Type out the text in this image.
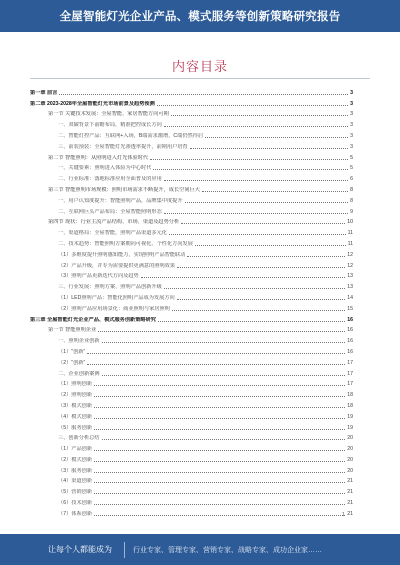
全屋智能灯光企业产品、模式服务等创新策略研究报告
内容目录
第一章 前言	3
第二章 2023-2028年全屋智能灯光市场前景及趋势预测	3
第一节 关键技术发展：全屋智能、家居智能方向可期	3
一、双碳背景下前瞻布局，精准把控成长方向	3
二、智能灯控产品：互联网+入场，B端需求激增，C端仍然待启	3
三、前装预装：全屋智能灯光渗透率提升，前期用户培育	3
第二节 智能照明：从照明进入灯光体验时代	5
一、关键要素：照明进入体验为中心时代	5
二、行业标准：落地标准应用全面普及的应用	6
第三节 智能照明市场规模：照明市场需求不断提升，成长空间巨大	8
一、用户认知度提升：智能照明产品，品牌集中度提升	8
二、互联网巨头产品布局：全屋智能照明形态	9
第四节 现状：行业主流产品结构、市场、渠道及趋势分析	10
一、渠道格局：全屋智能，照明产品渠道多元化	11
二、技术趋势：智能照明方案朝向可视化、个性化方向发展	11
（1）多维度提升照明感知能力，实现照明产品智能联动	12
（2）产品升级，并专为需要提供更满意的照明效果	12
（3）照明产品更新迭代方向及趋势	13
三、行业发展：照明方案、照明产品创新升级	13
（1）LED照明产品：智能化照明产品成为发展方向	14
（2）照明产品应用场景化：商业照明与家居照明	15
第三章 全屋智能灯光企业产品、模式服务创新策略研究	16
第一节 智能照明企业	16
一、照明企业创新	16
（1）"创新"	16
（2）"创新"	17
二、企业创新案例	17
（1）照明创新	17
（2）照明创新	18
（3）模式创新	18
（4）模式创新	19
（5）服务创新	19
三、创新分析总结	20
（1）产品创新	20
（2）模式创新	20
（3）服务创新	20
（4）渠道创新	21
（5）营销创新	21
（6）技术创新	21
（7）体系创新	21
1
让每个人都能成为	行业专家、管理专家、营销专家、战略专家、成功企业家……
